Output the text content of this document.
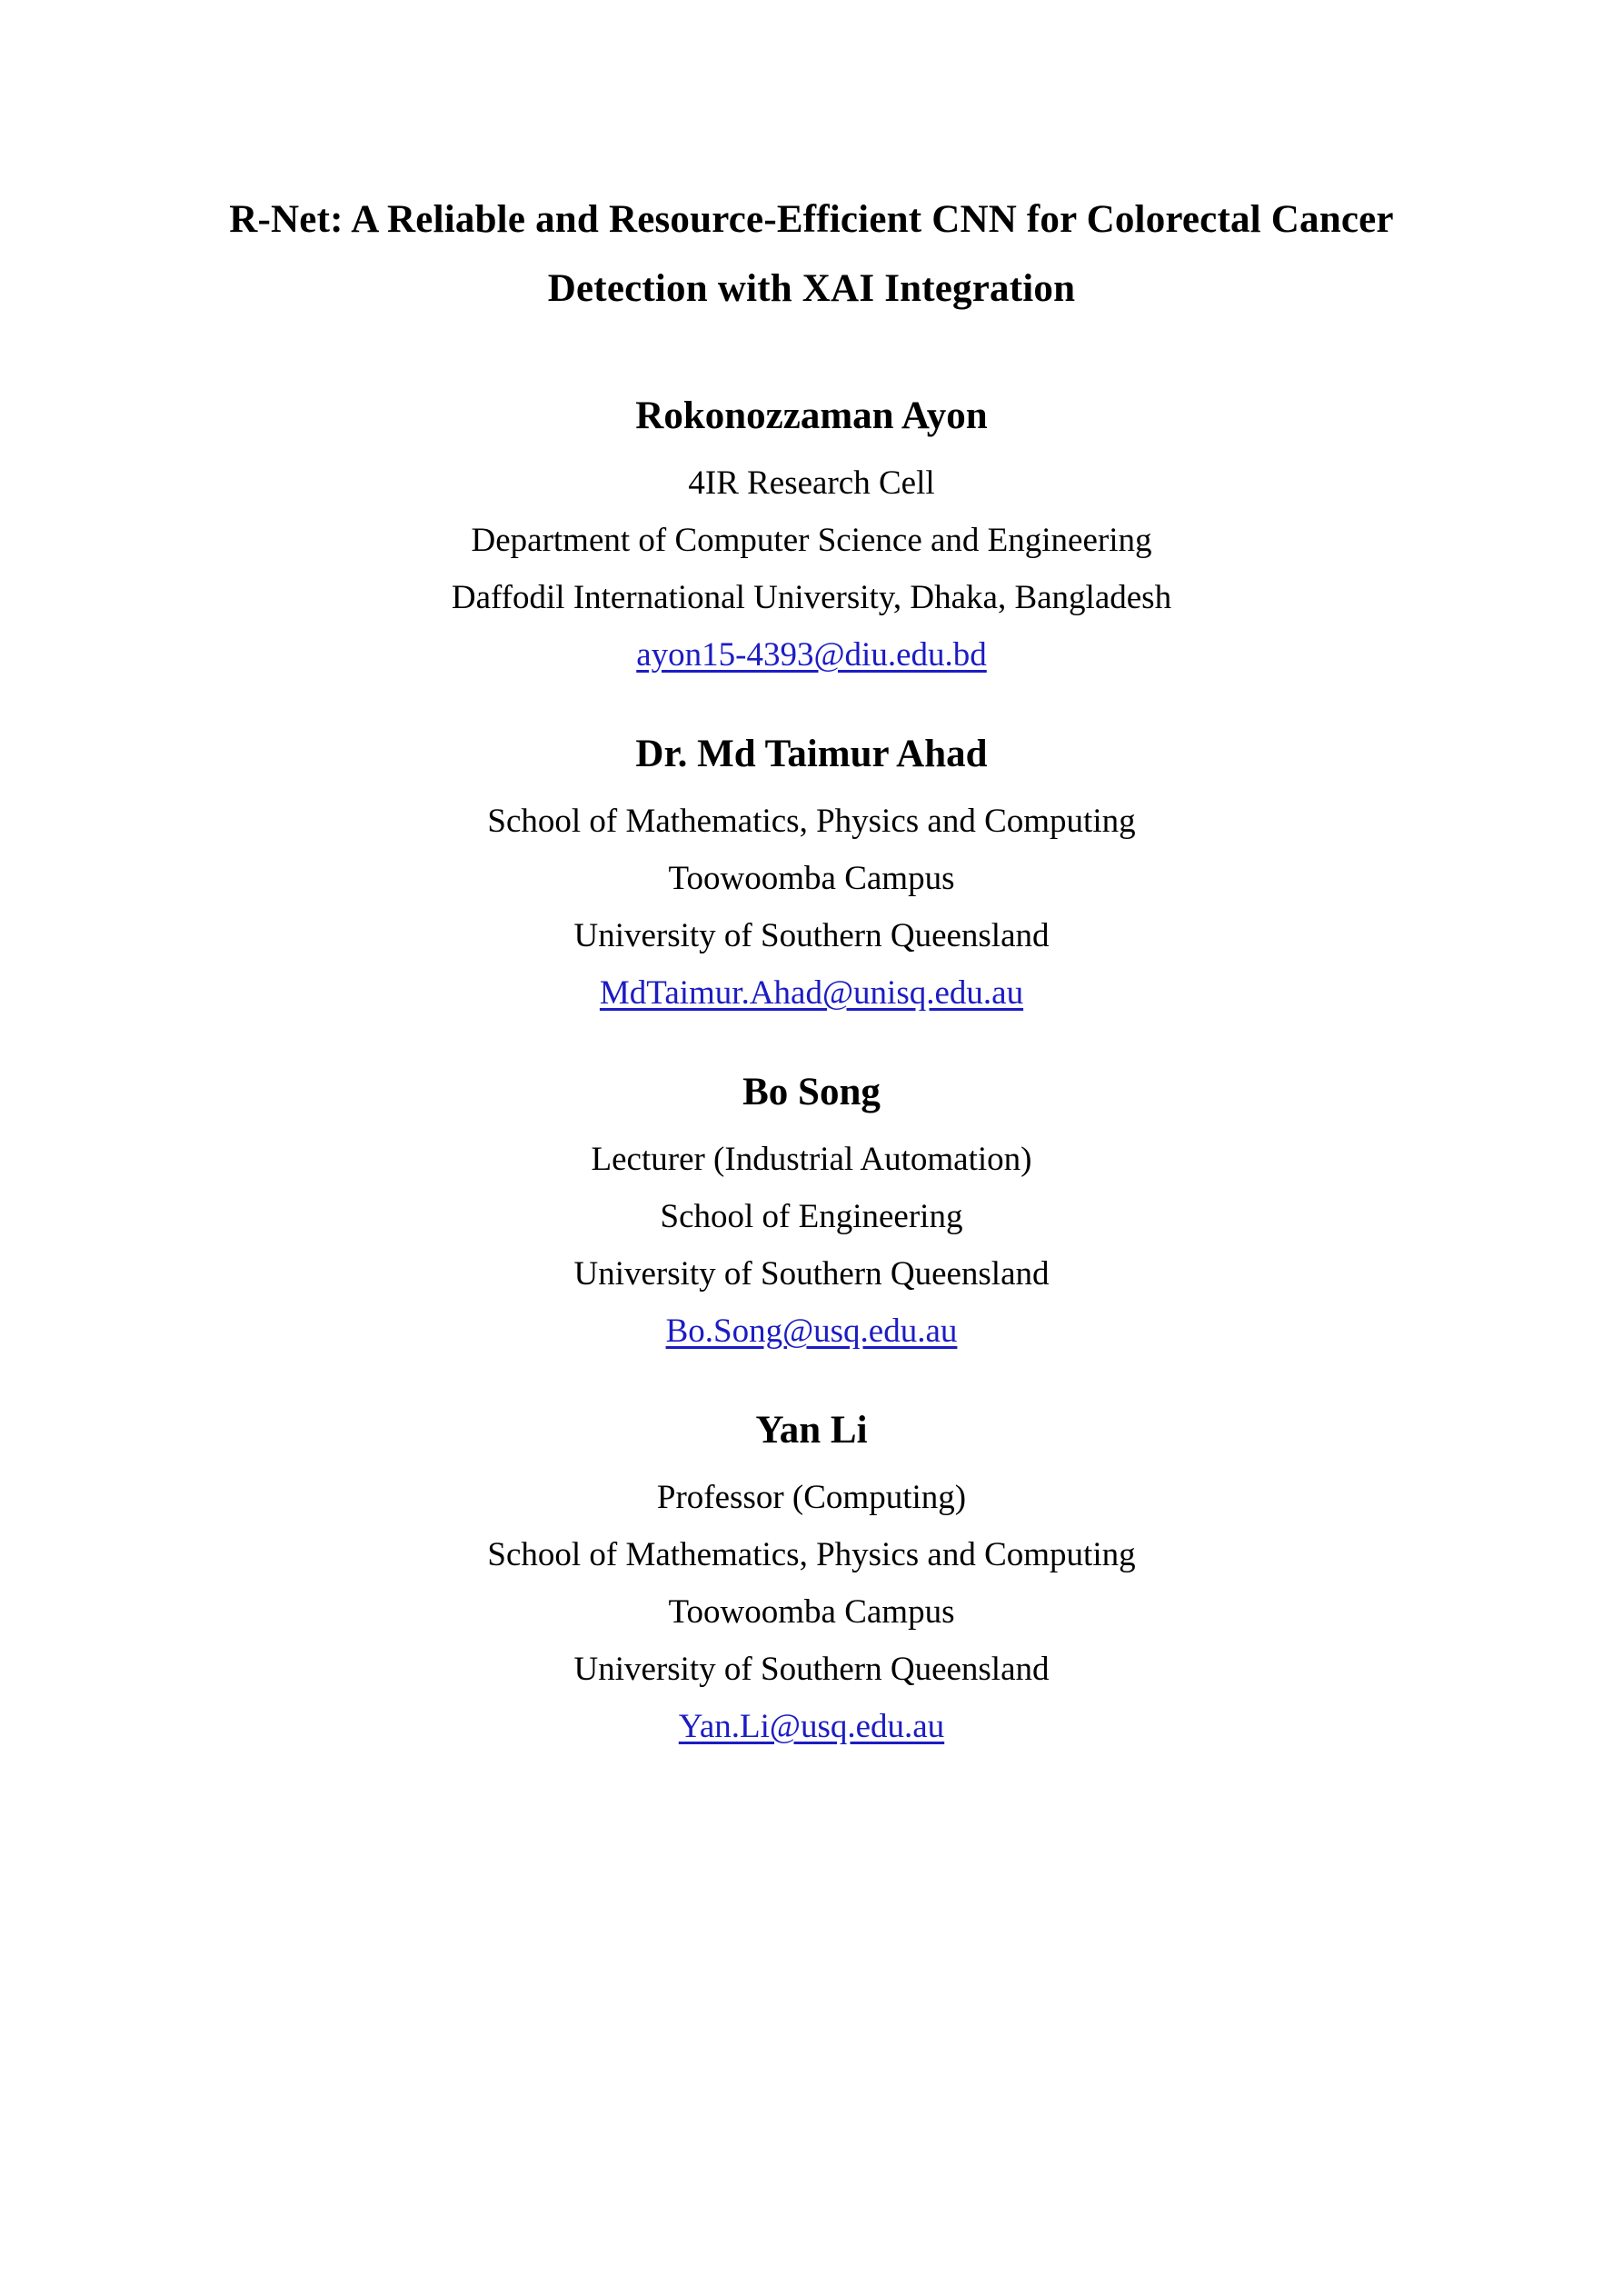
R-Net: A Reliable and Resource-Efficient CNN for Colorectal Cancer
Detection with XAI Integration
Rokonozzaman Ayon
4IR Research Cell
Department of Computer Science and Engineering
Daffodil International University, Dhaka, Bangladesh
ayon15-4393@diu.edu.bd
Dr. Md Taimur Ahad
School of Mathematics, Physics and Computing
Toowoomba Campus
University of Southern Queensland
MdTaimur.Ahad@unisq.edu.au
Bo Song
Lecturer (Industrial Automation)
School of Engineering
University of Southern Queensland
Bo.Song@usq.edu.au
Yan Li
Professor (Computing)
School of Mathematics, Physics and Computing
Toowoomba Campus
University of Southern Queensland
Yan.Li@usq.edu.au
